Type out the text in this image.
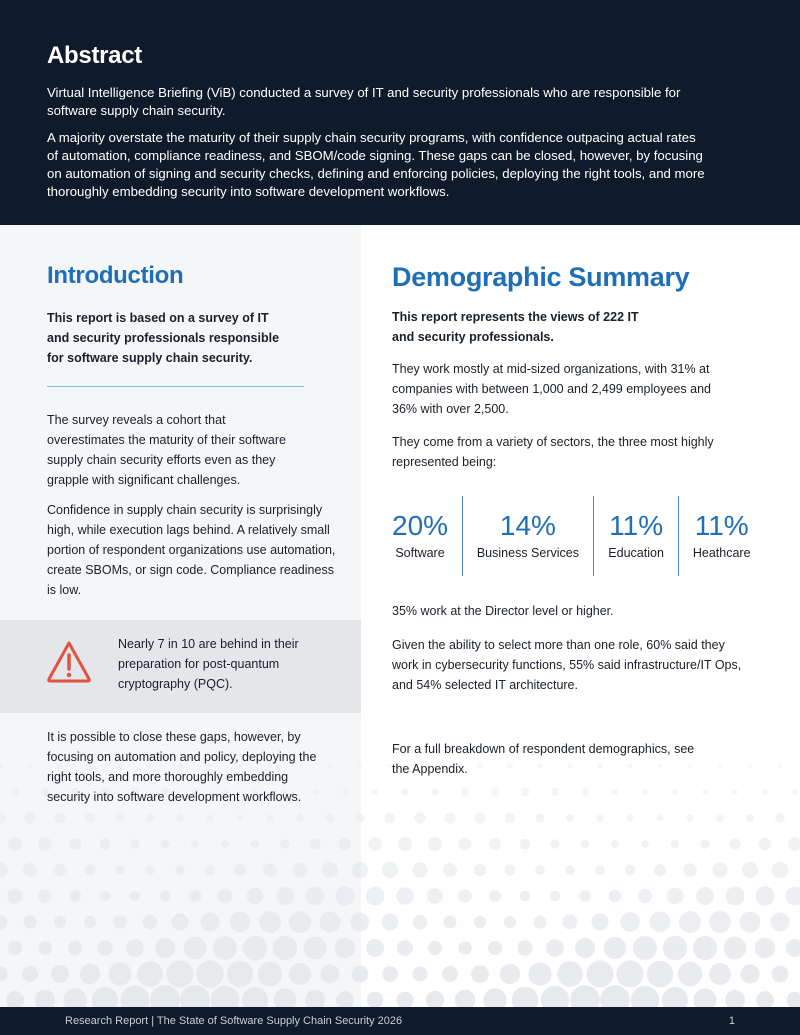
Abstract

Virtual Intelligence Briefing (ViB) conducted a survey of IT and security professionals who are responsible for software supply chain security.

A majority overstate the maturity of their supply chain security programs, with confidence outpacing actual rates of automation, compliance readiness, and SBOM/code signing. These gaps can be closed, however, by focusing on automation of signing and security checks, defining and enforcing policies, deploying the right tools, and more thoroughly embedding security into software development workflows.

Introduction

This report is based on a survey of IT and security professionals responsible for software supply chain security.

The survey reveals a cohort that overestimates the maturity of their software supply chain security efforts even as they grapple with significant challenges.

Confidence in supply chain security is surprisingly high, while execution lags behind. A relatively small portion of respondent organizations use automation, create SBOMs, or sign code. Compliance readiness is low.

Nearly 7 in 10 are behind in their preparation for post-quantum cryptography (PQC).

It is possible to close these gaps, however, by focusing on automation and policy, deploying the right tools, and more thoroughly embedding security into software development workflows.

Demographic Summary

This report represents the views of 222 IT and security professionals.

They work mostly at mid-sized organizations, with 31% at companies with between 1,000 and 2,499 employees and 36% with over 2,500.

They come from a variety of sectors, the three most highly represented being:

20%
Software
14%
Business Services
11%
Education
11%
Heathcare

35% work at the Director level or higher.

Given the ability to select more than one role, 60% said they work in cybersecurity functions, 55% said infrastructure/IT Ops, and 54% selected IT architecture.

For a full breakdown of respondent demographics, see the Appendix.

Research Report | The State of Software Supply Chain Security 2026	1
